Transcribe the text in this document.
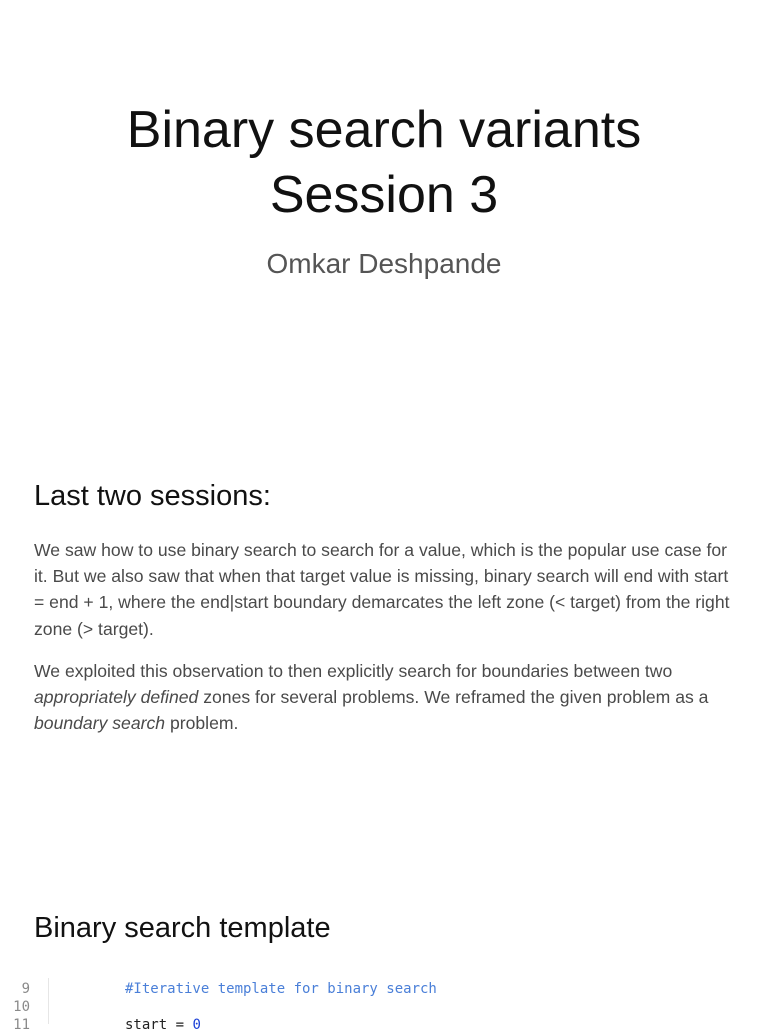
Binary search variants
Session 3
Omkar Deshpande
Last two sessions:

We saw how to use binary search to search for a value, which is the popular use case for it. But we also saw that when that target value is missing, binary search will end with start = end + 1, where the end|start boundary demarcates the left zone (< target) from the right zone (> target).

We exploited this observation to then explicitly search for boundaries between two appropriately defined zones for several problems. We reframed the given problem as a boundary search problem.

Binary search template
9	#Iterative template for binary search
10
11	start = 0
